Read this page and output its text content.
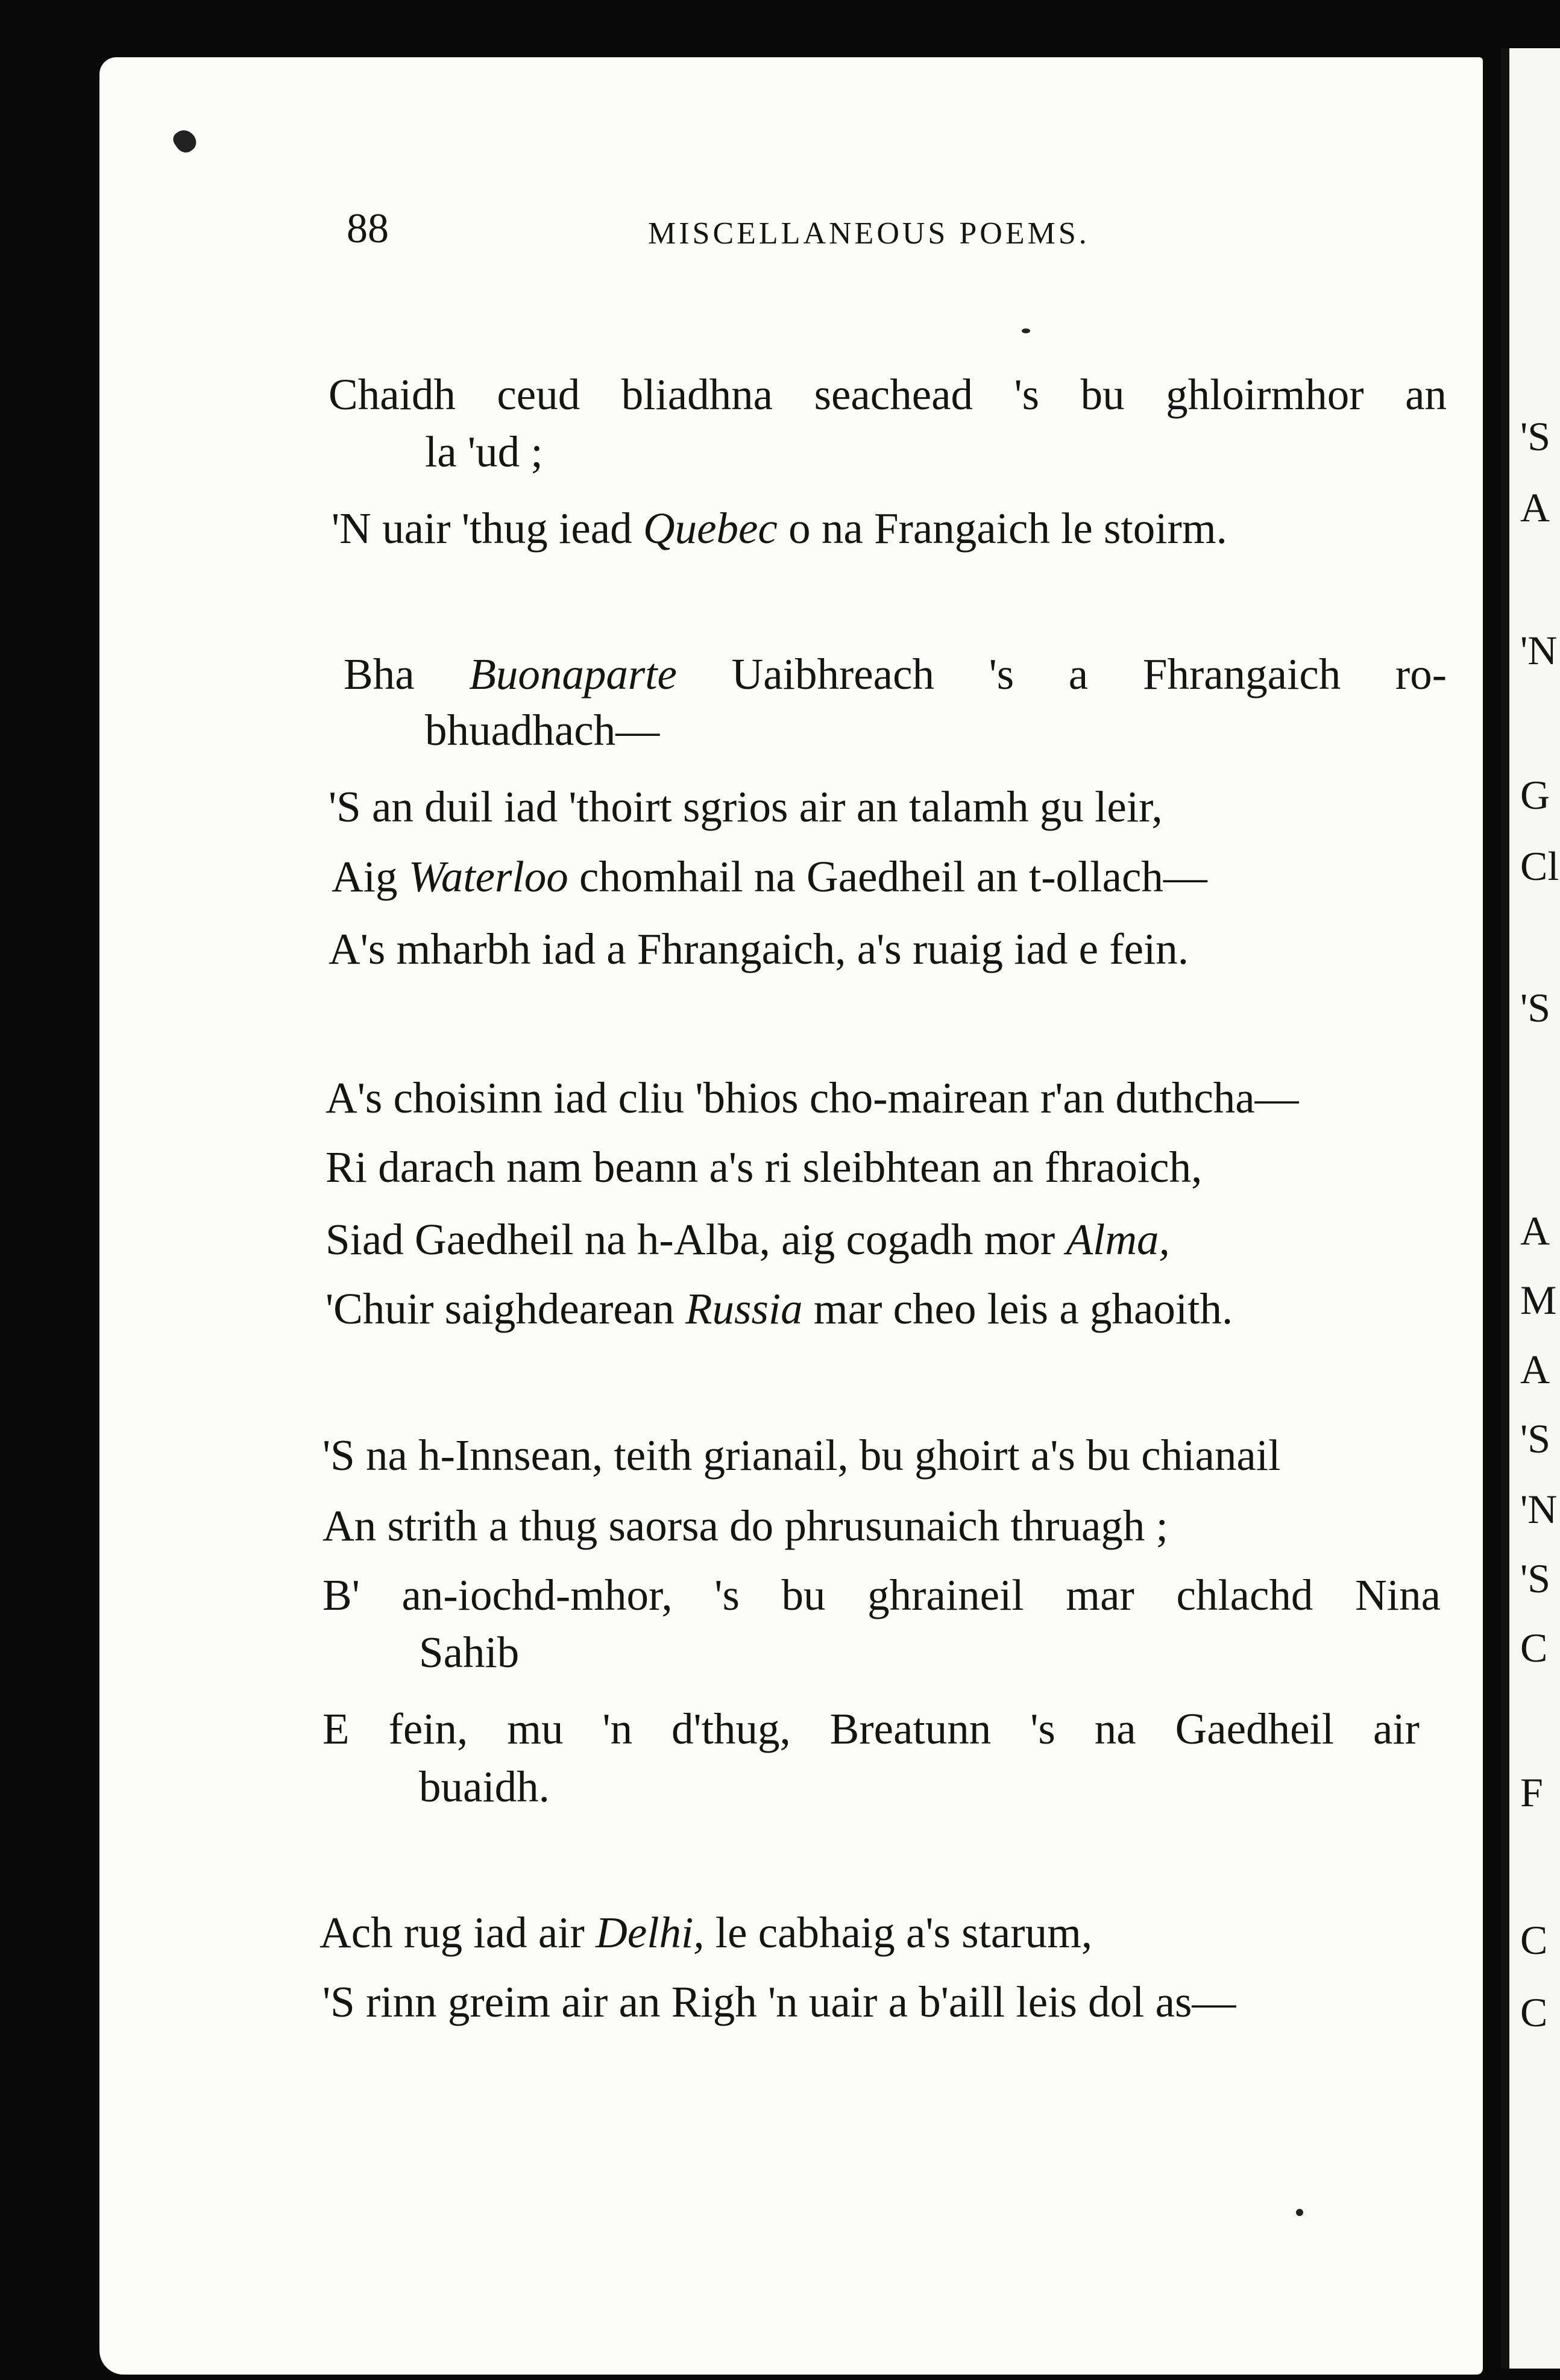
'S
A
'N
G
Cl
'S
A
M
A
'S
'N
'S
C
F
C
C
88	MISCELLANEOUS POEMS.
Chaidh ceud bliadhna seachead 's bu ghloirmhor an
la 'ud ;
'N uair 'thug iead Quebec o na Frangaich le stoirm.
Bha Buonaparte Uaibhreach 's a Fhrangaich ro-
bhuadhach—
'S an duil iad 'thoirt sgrios air an talamh gu leir,
Aig Waterloo chomhail na Gaedheil an t-ollach—
A's mharbh iad a Fhrangaich, a's ruaig iad e fein.
A's choisinn iad cliu 'bhios cho-mairean r'an duthcha—
Ri darach nam beann a's ri sleibhtean an fhraoich,
Siad Gaedheil na h-Alba, aig cogadh mor Alma,
'Chuir saighdearean Russia mar cheo leis a ghaoith.
'S na h-Innsean, teith grianail, bu ghoirt a's bu chianail
An strith a thug saorsa do phrusunaich thruagh ;
B' an-iochd-mhor, 's bu ghraineil mar chlachd Nina
Sahib
E fein, mu 'n d'thug, Breatunn 's na Gaedheil air
buaidh.
Ach rug iad air Delhi, le cabhaig a's starum,
'S rinn greim air an Righ 'n uair a b'aill leis dol as—
